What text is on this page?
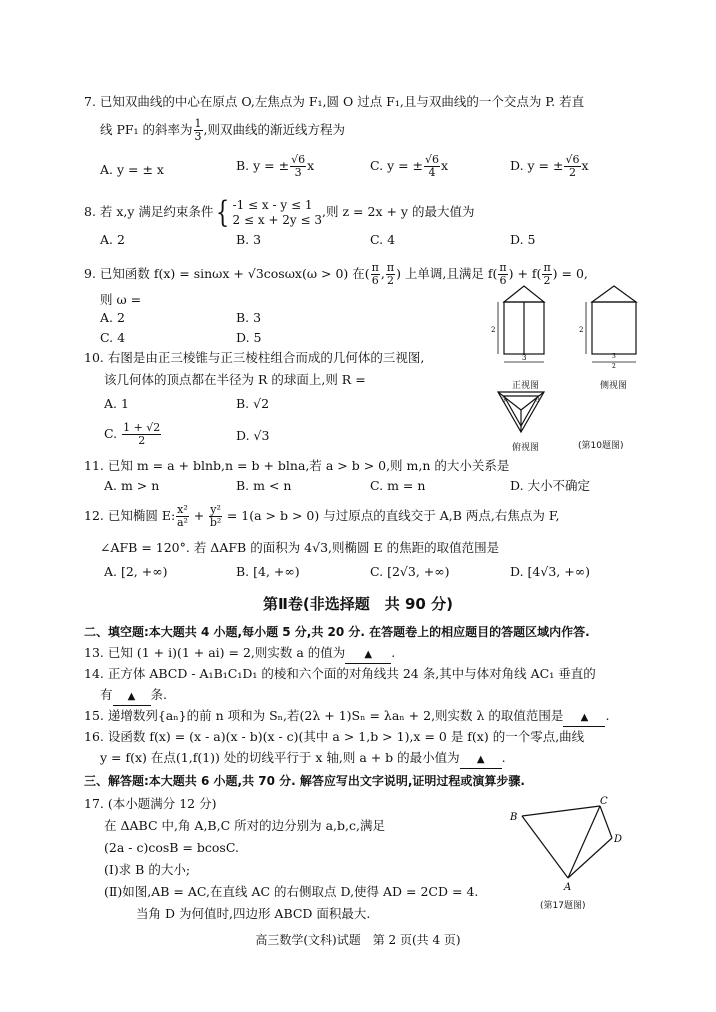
7. 已知双曲线的中心在原点 O,左焦点为 F₁,圆 O 过点 F₁,且与双曲线的一个交点为 P. 若直
线 PF₁ 的斜率为 $\frac{1}{3}$ ,则双曲线的渐近线方程为
A. y = ± x	B. y = ± $\frac{√6}{3}$ x	C. y = ± $\frac{√6}{4}$ x	D. y = ± $\frac{√6}{2}$ x
8. 若 x,y 满足约束条件{ -1 ≤ x - y ≤ 1
2 ≤ x + 2y ≤ 3
,则 z = 2x + y 的最大值为
A. 2	B. 3	C. 4	D. 5
9. 已知函数 f(x) = sinωx + √3cosωx(ω > 0) 在( $\frac{\pi}{6}$ , $\frac{\pi}{2}$ ) 上单调,且满足 $f( \frac{\pi}{6}$ ) + $f( \frac{\pi}{2}$ ) = 0,
则 ω =
A. 2	B. 3
C. 4	D. 5
10. 右图是由正三棱锥与正三棱柱组合而成的几何体的三视图,
该几何体的顶点都在半径为 R 的球面上,则 R =
A. 1	B. √2
C. $\frac{1 + √2}{2}$	D. √3
2
3
2
3
2
3	3
正视图	侧视图
俯视图	(第10题图)
11. 已知 m = a + blnb,n = b + blna,若 a > b > 0,则 m,n 的大小关系是
A. m > n	B. m < n	C. m = n	D. 大小不确定
12. 已知椭圆 E: $\frac{\text{x²}}{\text{a²}} + \frac{\text{y²}}{\text{b²}} = 1(a > b > 0)$ 与过原点的直线交于 A,B 两点,右焦点为 F,
∠AFB = 120°. 若 ΔAFB 的面积为 4√3,则椭圆 E 的焦距的取值范围是
A. [2, +∞)	B. [4, +∞)	C. [2√3, +∞)	D. [4√3, +∞)
第Ⅱ卷(非选择题　共 90 分)
二、填空题:本大题共 4 小题,每小题 5 分,共 20 分. 在答题卷上的相应题目的答题区域内作答.
13. 已知 (1 + i)(1 + ai) = 2,则实数 a 的值为 ▲ .
14. 正方体 ABCD - A₁B₁C₁D₁ 的棱和六个面的对角线共 24 条,其中与体对角线 AC₁ 垂直的
有 ▲ 条.
15. 递增数列{aₙ}的前 n 项和为 Sₙ,若(2λ + 1)Sₙ = λaₙ + 2,则实数 λ 的取值范围是 ▲ .
16. 设函数 f(x) = (x - a)(x - b)(x - c)(其中 a > 1,b > 1),x = 0 是 f(x) 的一个零点,曲线
y = f(x) 在点(1,f(1)) 处的切线平行于 x 轴,则 a + b 的最小值为 ▲ .
三、解答题:本大题共 6 小题,共 70 分. 解答应写出文字说明,证明过程或演算步骤.
17. (本小题满分 12 分)
在 ΔABC 中,角 A,B,C 所对的边分别为 a,b,c,满足
(2a - c)cosB = bcosC.
(Ⅰ)求 B 的大小;
(Ⅱ)如图,AB = AC,在直线 AC 的右侧取点 D,使得 AD = 2CD = 4.
当角 D 为何值时,四边形 ABCD 面积最大.
B
C
D
A
(第17题图)
高三数学(文科)试题　第 2 页(共 4 页)
